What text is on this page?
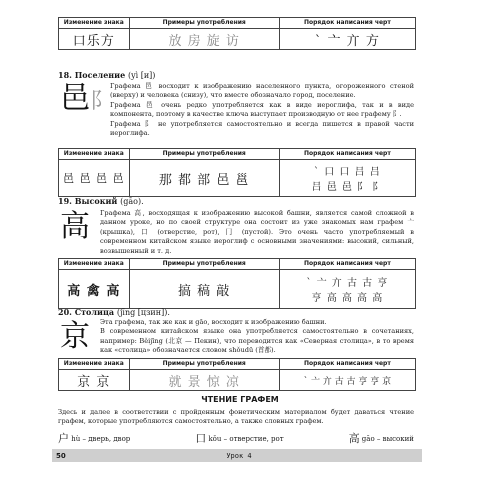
Изменение знака	Примеры употребления	Порядок написания черт
口乐方	放 房 旋 访	` 亠 亣 方
18. Поселение (yì [и])
邑阝

Графема 邑 восходит к изображению населенного пункта, огороженного стеной (вверху) и человека (снизу), что вместе обозначало город, поселение.

Графема 邑 очень редко употребляется как в виде иероглифа, так и в виде компонента, поэтому в качестве ключа выступает производную от нее графему 阝.

Графема 阝 не употребляется самостоятельно и всегда пишется в правой части иероглифа.

Изменение знака	Примеры употребления	Порядок написания черт
邑 邑 邑 邑	那 都 部 邑 邕	` 口 口 吕 吕
吕 邑 邑 阝 阝
19. Высокий (gāo).
高 Графема 高, восходящая к изображению высокой башни, является самой сложной в данном уроке, но по своей структуре она состоит из уже знакомых нам графем 亠 (крышка), 口 (отверстие, рот), 冂 (пустой). Это очень часто употребляемый в современном китайском языке иероглиф с основными значениями: высокий, сильный, возвышенный и т. д.

Изменение знака	Примеры употребления	Порядок написания черт
高 禽 高	搞 稿 敲	` 亠 亣 古 古 亨
亨 高 高 高 高
20. Столица (jīng [цзин]).
京 Эта графема, так же как и gāo, восходит к изображению башни.

В современном китайском языке она употребляется самостоятельно в сочетаниях, например: Běijīng (北京 — Пекин), что переводится как «Северная столица», в то время как «столица» обозначается словом shǒudū (首都).

Изменение знака	Примеры употребления	Порядок написания черт
京 京	就 景 惊 凉	` 亠 亣 古 古 亨 亨 京
ЧТЕНИЕ ГРАФЕМ

Здесь и далее в соответствии с пройденным фонетическим материалом будет даваться чтение графем, которые употребляются самостоятельно, а также словных графем.

户 hù – дверь, двор	口 kǒu – отверстие, рот	高 gāo – высокий
50	Урок 4
